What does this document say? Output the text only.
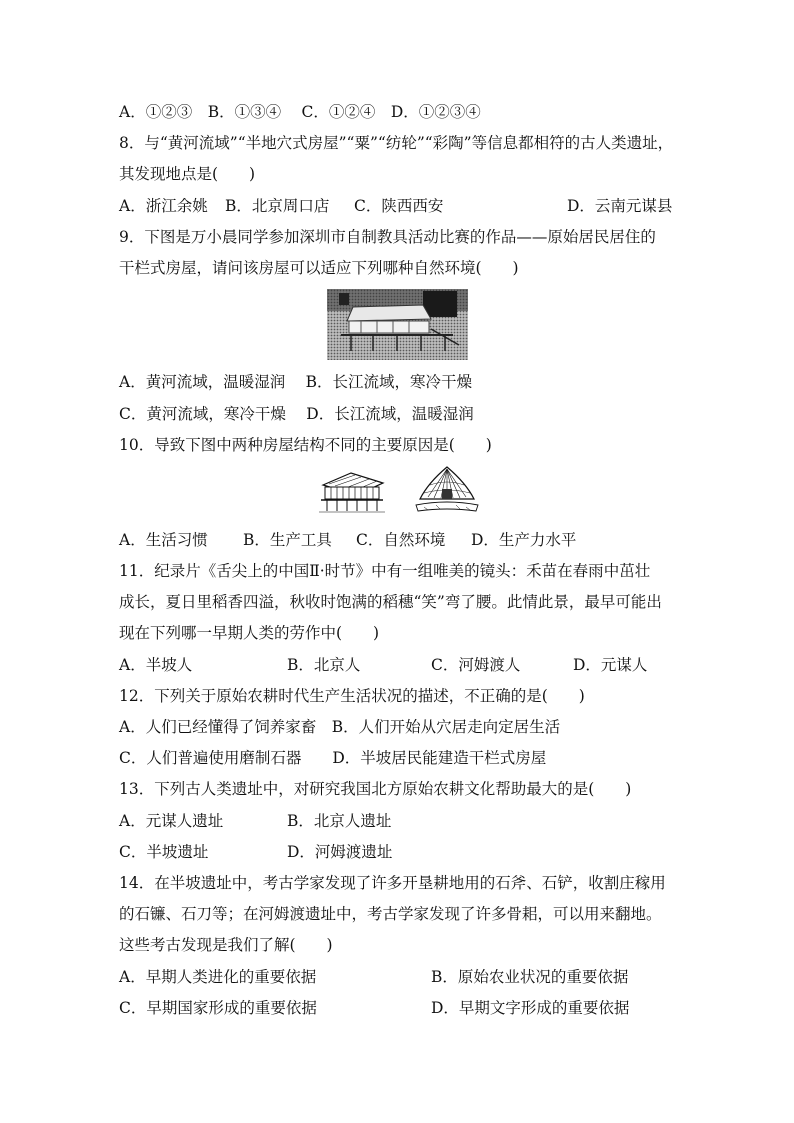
A．①②③　B．①③④　 C．①②④　D．①②③④
8．与“黄河流域”“半地穴式房屋”“粟”“纺轮”“彩陶”等信息都相符的古人类遗址，
其发现地点是(　　)
A．浙江余姚 B．北京周口店 C．陕西西安	D．云南元谋县
9．下图是万小晨同学参加深圳市自制教具活动比赛的作品——原始居民居住的
干栏式房屋，请问该房屋可以适应下列哪种自然环境(　　)
A．黄河流域，温暖湿润　 B．长江流域，寒冷干燥
C．黄河流域，寒冷干燥　 D．长江流域，温暖湿润
10．导致下图中两种房屋结构不同的主要原因是(　　)
A．生活习惯 B．生产工具 C．自然环境 D．生产力水平
11．纪录片《舌尖上的中国Ⅱ·时节》中有一组唯美的镜头：禾苗在春雨中茁壮
成长，夏日里稻香四溢，秋收时饱满的稻穗“笑”弯了腰。此情此景，最早可能出
现在下列哪一早期人类的劳作中(　　)
A．半坡人	B．北京人	C．河姆渡人	D．元谋人
12．下列关于原始农耕时代生产生活状况的描述，不正确的是(　　)
A．人们已经懂得了饲养家畜　B．人们开始从穴居走向定居生活
C．人们普遍使用磨制石器　　D．半坡居民能建造干栏式房屋
13．下列古人类遗址中，对研究我国北方原始农耕文化帮助最大的是(　　)
A．元谋人遗址	B．北京人遗址
C．半坡遗址	D．河姆渡遗址
14．在半坡遗址中，考古学家发现了许多开垦耕地用的石斧、石铲，收割庄稼用
的石镰、石刀等；在河姆渡遗址中，考古学家发现了许多骨耜，可以用来翻地。
这些考古发现是我们了解(　　)
A．早期人类进化的重要依据	B．原始农业状况的重要依据
C．早期国家形成的重要依据	D．早期文字形成的重要依据
